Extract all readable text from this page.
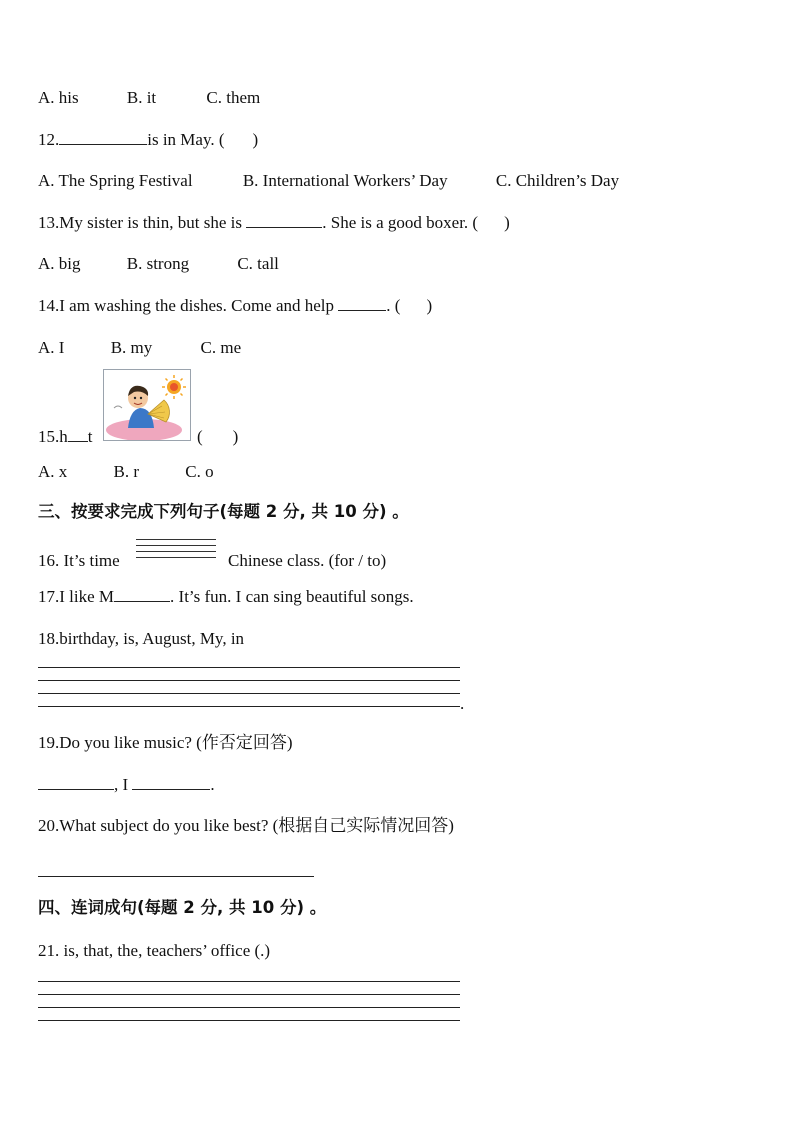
A. his	B. it	C. them
12.	is in May. ( )
A. The Spring Festival	B. International Workers’ Day	C. Children’s Day
13.My sister is thin, but she is	. She is a good boxer. ( )
A. big	B. strong	C. tall
14.I am washing the dishes. Come and help	. ( )
A. I	B. my	C. me
15.h t	( )
A. x	B. r	C. o
三、按要求完成下列句子(每题 2 分, 共 10 分) 。
16. It’s time	Chinese class. (for / to)
17.I like M	. It’s fun. I can sing beautiful songs.
18.birthday, is, August, My, in
.
19.Do you like music? (作否定回答)
, I	.
20.What subject do you like best? (根据自己实际情况回答)
四、连词成句(每题 2 分, 共 10 分) 。
21. is, that, the, teachers’ office (.)
